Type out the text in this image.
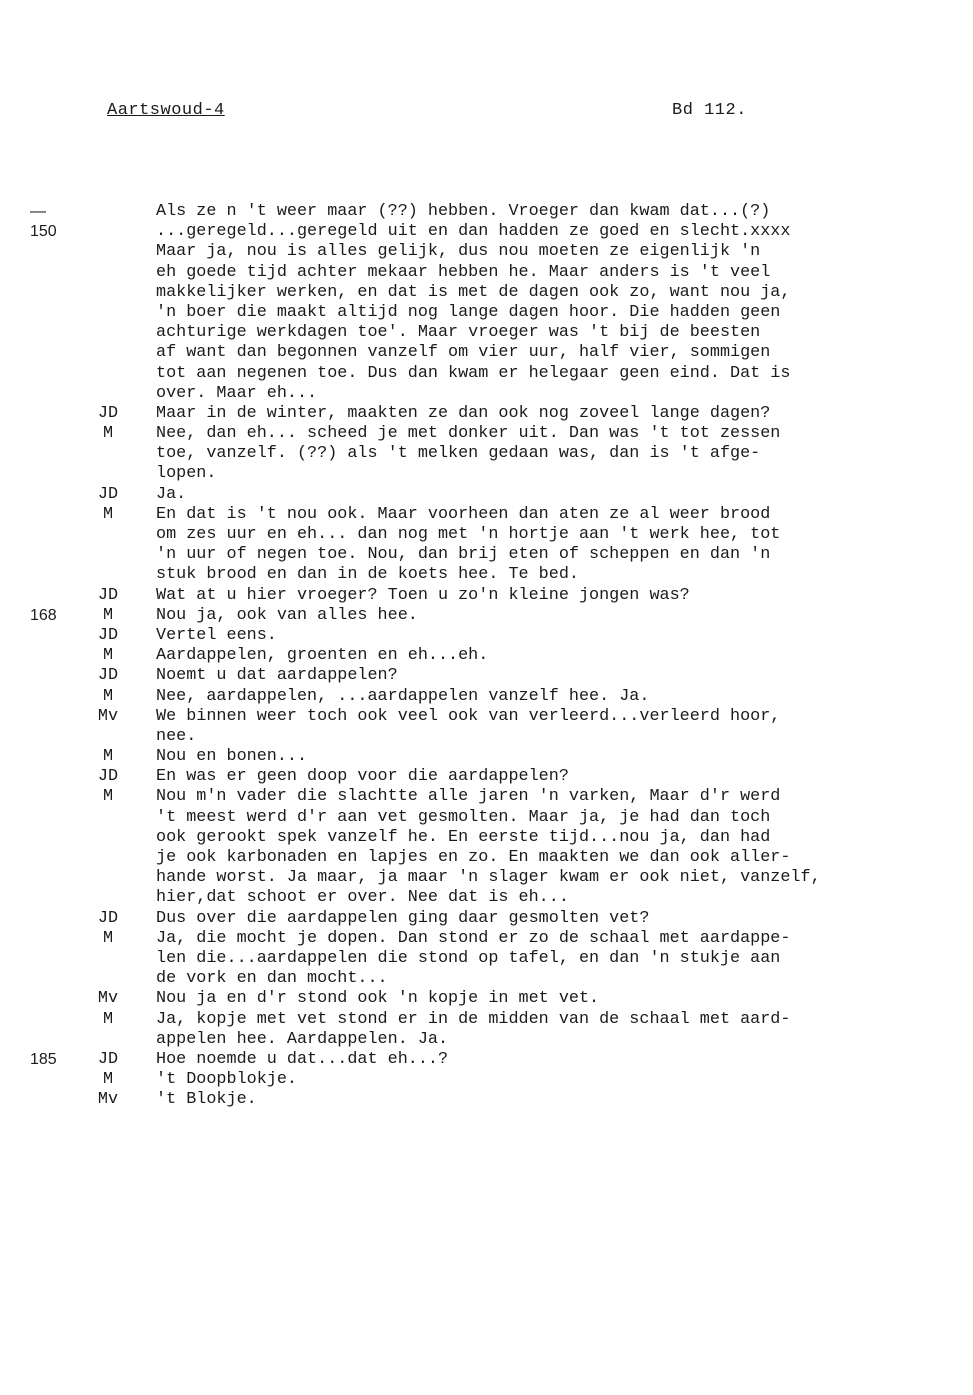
Aartswoud-4	Bd 112.
—	Als ze n 't weer maar (??) hebben. Vroeger dan kwam dat...(?)
150	...geregeld...geregeld uit en dan hadden ze goed en slecht.xxxx
Maar ja, nou is alles gelijk, dus nou moeten ze eigenlijk 'n
eh goede tijd achter mekaar hebben he. Maar anders is 't veel
makkelijker werken, en dat is met de dagen ook zo, want nou ja,
'n boer die maakt altijd nog lange dagen hoor. Die hadden geen
achturige werkdagen toe'. Maar vroeger was 't bij de beesten
af want dan begonnen vanzelf om vier uur, half vier, sommigen
tot aan negenen toe. Dus dan kwam er helegaar geen eind. Dat is
over. Maar eh...
JD	Maar in de winter, maakten ze dan ook nog zoveel lange dagen?
M	Nee, dan eh... scheed je met donker uit. Dan was 't tot zessen
toe, vanzelf. (??) als 't melken gedaan was, dan is 't afge-
lopen.
JD	Ja.
M	En dat is 't nou ook. Maar voorheen dan aten ze al weer brood
om zes uur en eh... dan nog met 'n hortje aan 't werk hee, tot
'n uur of negen toe. Nou, dan brij eten of scheppen en dan 'n
stuk brood en dan in de koets hee. Te bed.
JD	Wat at u hier vroeger? Toen u zo'n kleine jongen was?
168	M	Nou ja, ook van alles hee.
JD	Vertel eens.
M	Aardappelen, groenten en eh...eh.
JD	Noemt u dat aardappelen?
M	Nee, aardappelen, ...aardappelen vanzelf hee. Ja.
Mv	We binnen weer toch ook veel ook van verleerd...verleerd hoor,
nee.
M	Nou en bonen...
JD	En was er geen doop voor die aardappelen?
M	Nou m'n vader die slachtte alle jaren 'n varken, Maar d'r werd
't meest werd d'r aan vet gesmolten. Maar ja, je had dan toch
ook gerookt spek vanzelf he. En eerste tijd...nou ja, dan had
je ook karbonaden en lapjes en zo. En maakten we dan ook aller-
hande worst. Ja maar, ja maar 'n slager kwam er ook niet, vanzelf,
hier,dat schoot er over. Nee dat is eh...
JD	Dus over die aardappelen ging daar gesmolten vet?
M	Ja, die mocht je dopen. Dan stond er zo de schaal met aardappe-
len die...aardappelen die stond op tafel, en dan 'n stukje aan
de vork en dan mocht...
Mv	Nou ja en d'r stond ook 'n kopje in met vet.
M	Ja, kopje met vet stond er in de midden van de schaal met aard-
appelen hee. Aardappelen. Ja.
185	JD	Hoe noemde u dat...dat eh...?
M	't Doopblokje.
Mv	't Blokje.
